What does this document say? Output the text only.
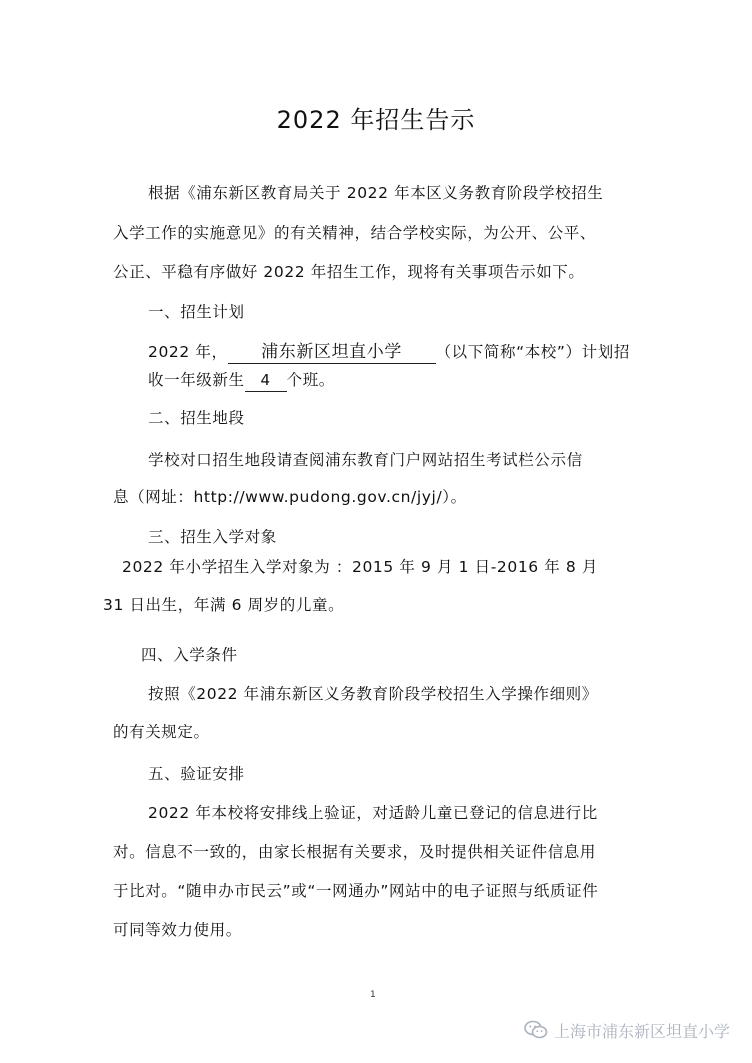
2022 年招生告示
根据《浦东新区教育局关于 2022 年本区义务教育阶段学校招生
入学工作的实施意见》的有关精神，结合学校实际，为公开、公平、
公正、平稳有序做好 2022 年招生工作，现将有关事项告示如下。
一、招生计划
2022 年， 浦东新区坦直小学 （以下简称“本校”）计划招
收一年级新生 4 个班。
二、招生地段
学校对口招生地段请查阅浦东教育门户网站招生考试栏公示信
息（网址：http://www.pudong.gov.cn/jyj/）。
三、招生入学对象
2022 年小学招生入学对象为 ：2015 年 9 月 1 日-2016 年 8 月
31 日出生，年满 6 周岁的儿童。
四、入学条件
按照《2022 年浦东新区义务教育阶段学校招生入学操作细则》
的有关规定。
五、验证安排
2022 年本校将安排线上验证，对适龄儿童已登记的信息进行比
对。信息不一致的，由家长根据有关要求，及时提供相关证件信息用
于比对。“随申办市民云”或“一网通办”网站中的电子证照与纸质证件
可同等效力使用。
1
上海市浦东新区坦直小学
